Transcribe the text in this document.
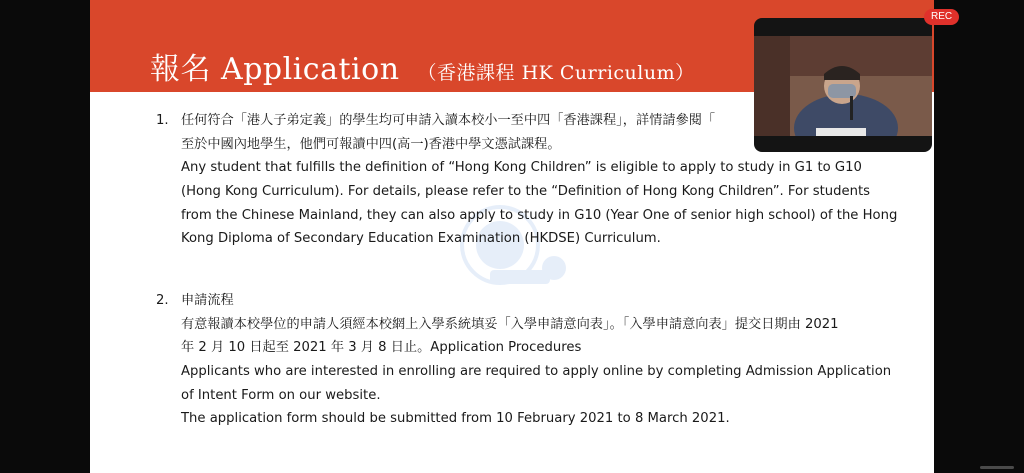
報名 Application （香港課程 HK Curriculum）
1. 任何符合「港人子弟定義」的學生均可申請入讀本校小一至中四「香港課程」，詳情請參閱「
至於中國內地學生，他們可報讀中四(高一)香港中學文憑試課程。
Any student that fulfills the definition of “Hong Kong Children” is eligible to apply to study in G1 to G10 (Hong Kong Curriculum). For details, please refer to the “Definition of Hong Kong Children”. For students from the Chinese Mainland, they can also apply to study in G10 (Year One of senior high school) of the Hong Kong Diploma of Secondary Education Examination (HKDSE) Curriculum.
2. 申請流程
有意報讀本校學位的申請人須經本校網上入學系統填妥「入學申請意向表」。「入學申請意向表」提交日期由 2021
年 2 月 10 日起至 2021 年 3 月 8 日止。Application Procedures
Applicants who are interested in enrolling are required to apply online by completing Admission Application of Intent Form on our website.
The application form should be submitted from 10 February 2021 to 8 March 2021.
REC
